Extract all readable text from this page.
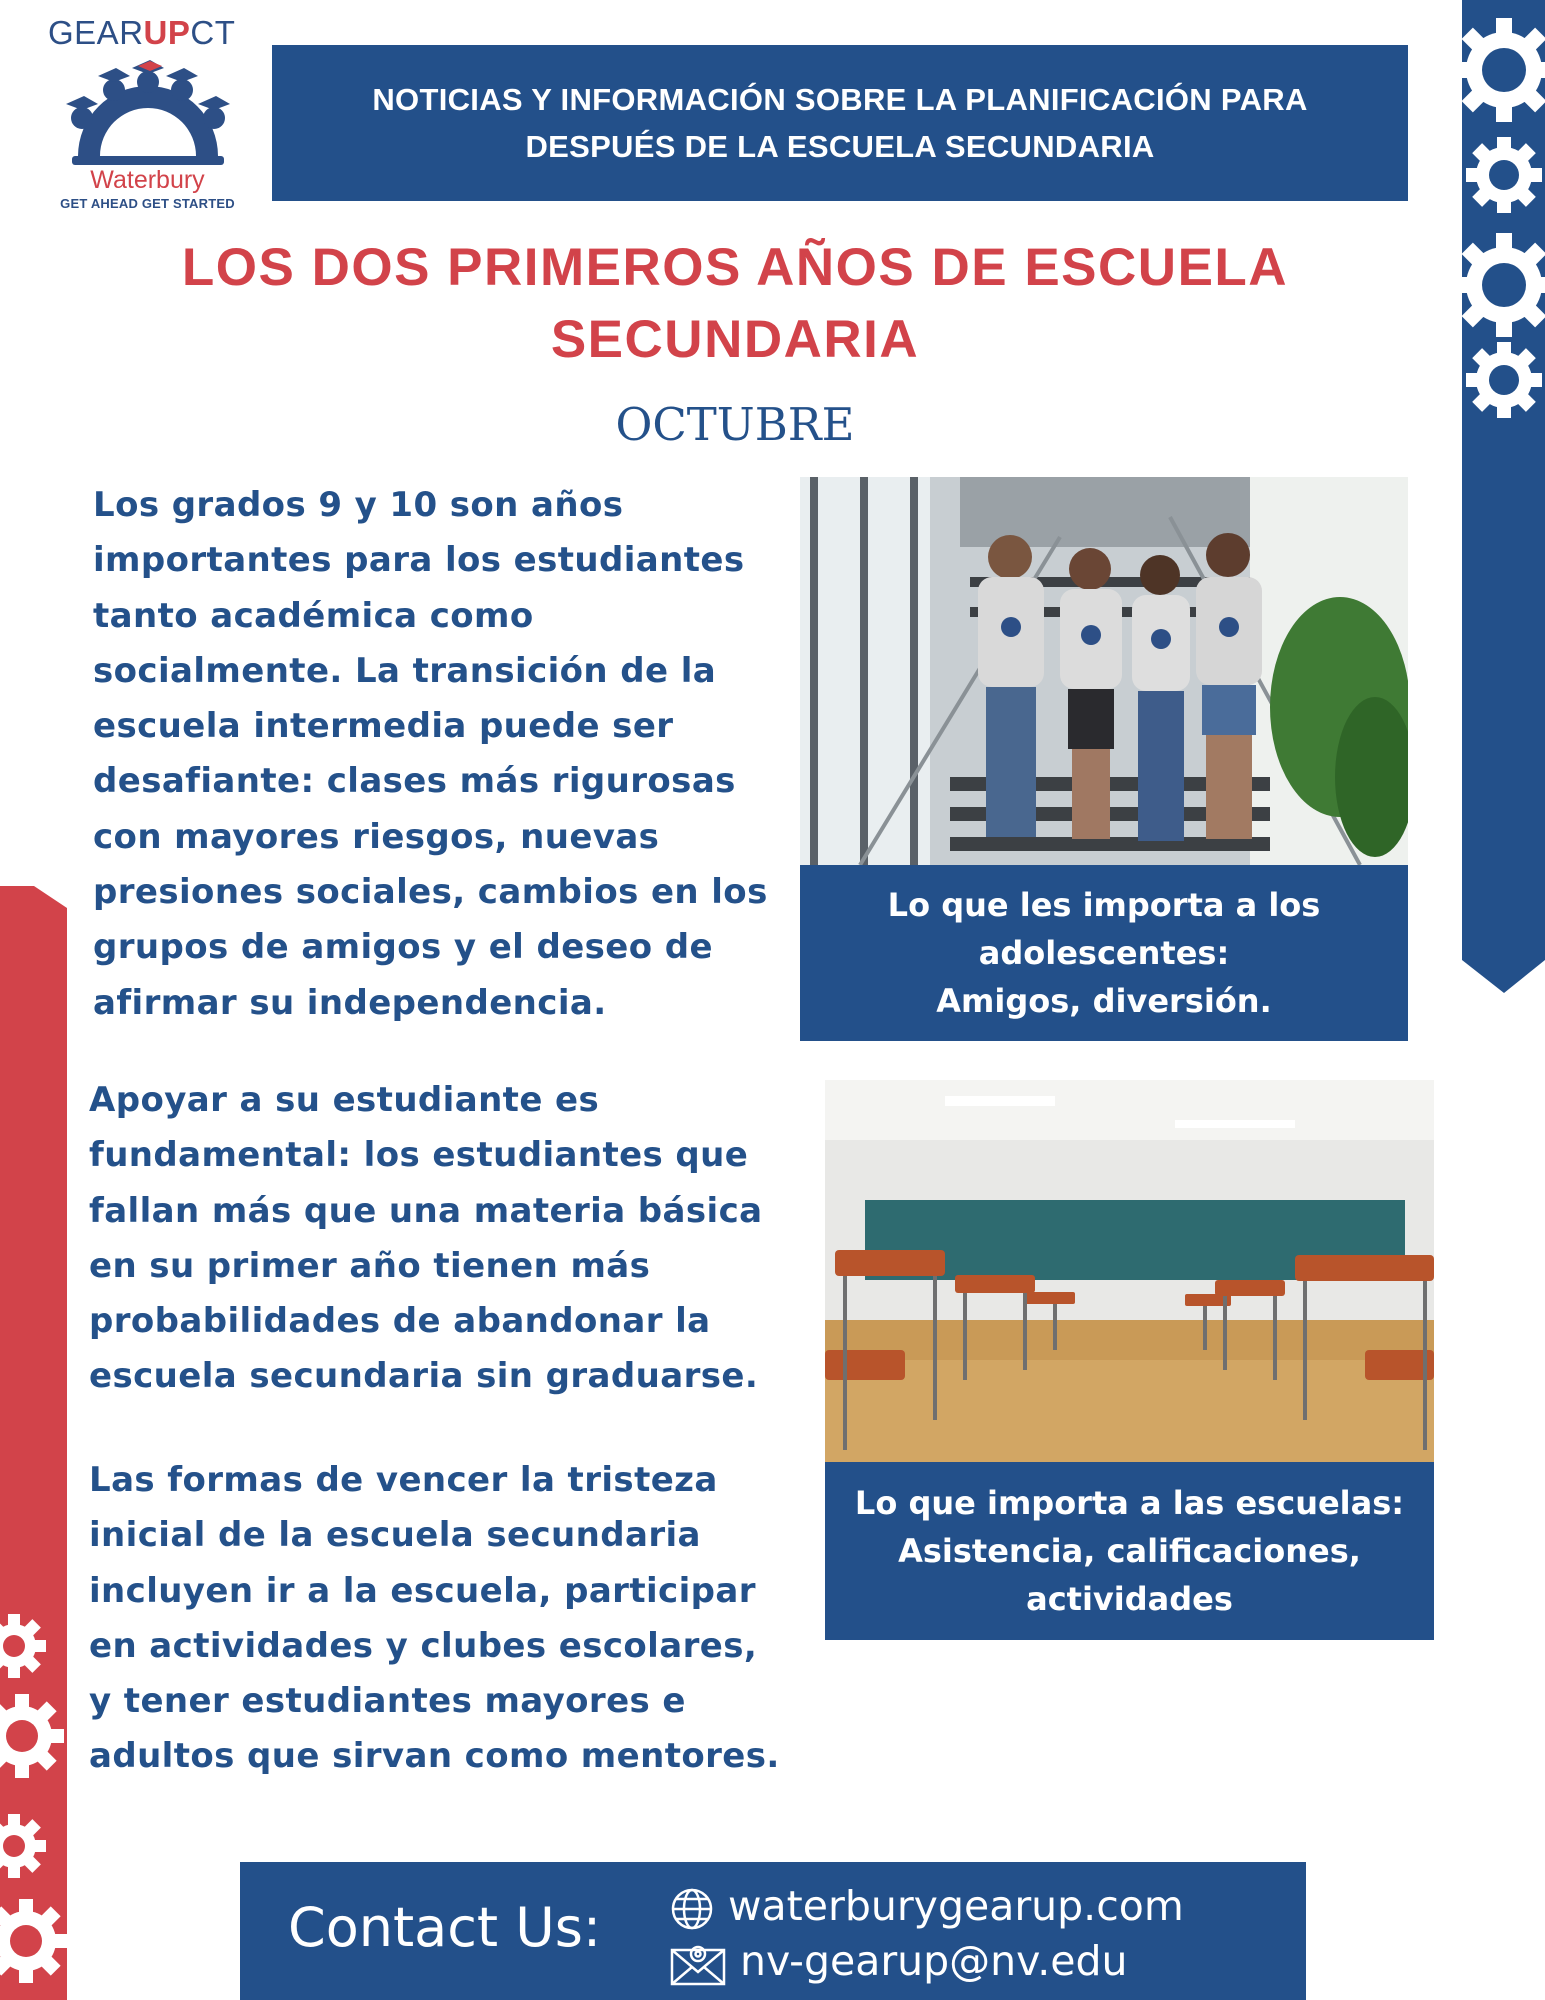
GEARUPCT
Waterbury
GET AHEAD GET STARTED
NOTICIAS Y INFORMACIÓN SOBRE LA PLANIFICACIÓN PARA
DESPUÉS DE LA ESCUELA SECUNDARIA
LOS DOS PRIMEROS AÑOS DE ESCUELA
SECUNDARIA
OCTUBRE
Los grados 9 y 10 son años importantes para los estudiantes tanto académica como socialmente. La transición de la escuela intermedia puede ser desafiante: clases más rigurosas con mayores riesgos, nuevas presiones sociales, cambios en los grupos de amigos y el deseo de afirmar su independencia.
Apoyar a su estudiante es fundamental: los estudiantes que fallan más que una materia básica en su primer año tienen más probabilidades de abandonar la escuela secundaria sin graduarse.
Las formas de vencer la tristeza inicial de la escuela secundaria incluyen ir a la escuela, participar en actividades y clubes escolares, y tener estudiantes mayores e adultos que sirvan como mentores.
Lo que les importa a los
adolescentes:
Amigos, diversión.
Lo que importa a las escuelas:
Asistencia, calificaciones,
actividades
Contact Us:	waterburygearup.com
nv-gearup@nv.edu
